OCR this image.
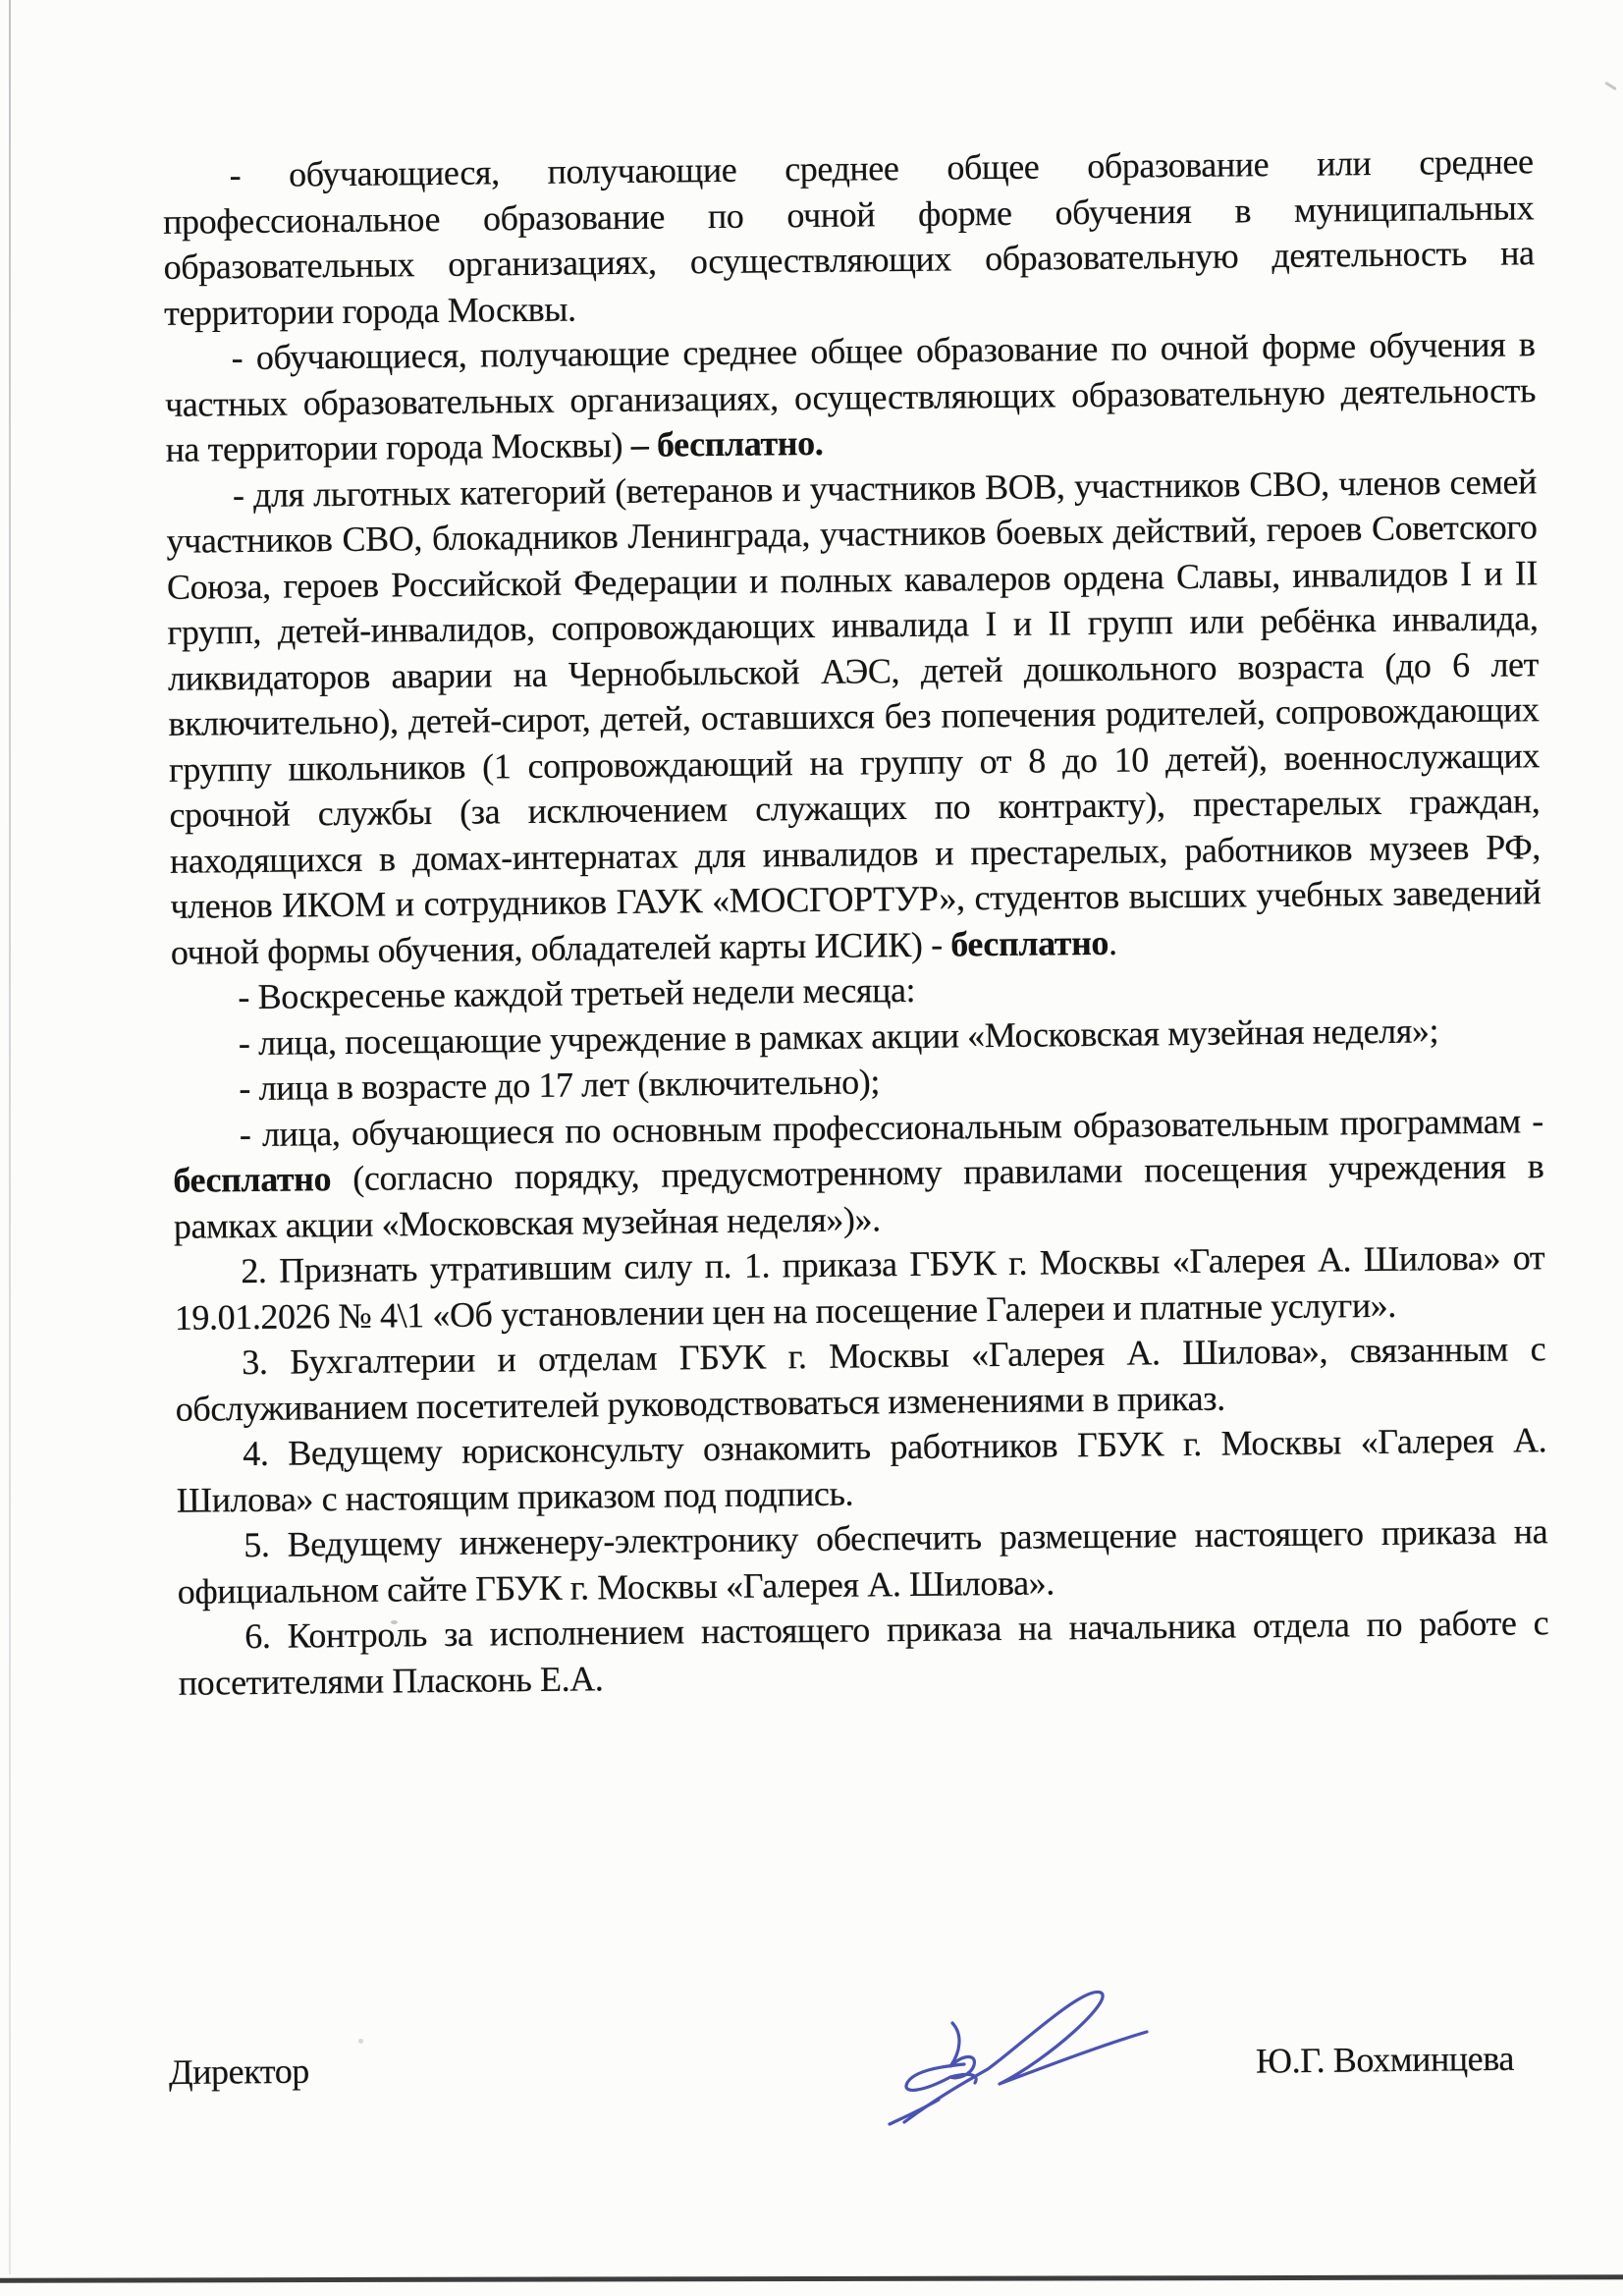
- обучающиеся, получающие среднее общее образование или среднее профессиональное образование по очной форме обучения в муниципальных образовательных организациях, осуществляющих образовательную деятельность на территории города Москвы.

- обучающиеся, получающие среднее общее образование по очной форме обучения в частных образовательных организациях, осуществляющих образовательную деятельность на территории города Москвы) – бесплатно.

- для льготных категорий (ветеранов и участников ВОВ, участников СВО, членов семей участников СВО, блокадников Ленинграда, участников боевых действий, героев Советского Союза, героев Российской Федерации и полных кавалеров ордена Славы, инвалидов I и II групп, детей-инвалидов, сопровождающих инвалида I и II групп или ребёнка инвалида, ликвидаторов аварии на Чернобыльской АЭС, детей дошкольного возраста (до 6 лет включительно), детей-сирот, детей, оставшихся без попечения родителей, сопровождающих группу школьников (1 сопровождающий на группу от 8 до 10 детей), военнослужащих срочной службы (за исключением служащих по контракту), престарелых граждан, находящихся в домах-интернатах для инвалидов и престарелых, работников музеев РФ, членов ИКОМ и сотрудников ГАУК «МОСГОРТУР», студентов высших учебных заведений очной формы обучения, обладателей карты ИСИК) - бесплатно.

- Воскресенье каждой третьей недели месяца:

- лица, посещающие учреждение в рамках акции «Московская музейная неделя»;

- лица в возрасте до 17 лет (включительно);

- лица, обучающиеся по основным профессиональным образовательным программам - бесплатно (согласно порядку, предусмотренному правилами посещения учреждения в рамках акции «Московская музейная неделя»)».

2. Признать утратившим силу п. 1. приказа ГБУК г. Москвы «Галерея А. Шилова» от 19.01.2026 № 4\1 «Об установлении цен на посещение Галереи и платные услуги».

3. Бухгалтерии и отделам ГБУК г. Москвы «Галерея А. Шилова», связанным с обслуживанием посетителей руководствоваться изменениями в приказ.

4. Ведущему юрисконсульту ознакомить работников ГБУК г. Москвы «Галерея А. Шилова» с настоящим приказом под подпись.

5. Ведущему инженеру-электронику обеспечить размещение настоящего приказа на официальном сайте ГБУК г. Москвы «Галерея А. Шилова».

6. Контроль за исполнением настоящего приказа на начальника отдела по работе с посетителями Пласконь Е.А.

Директор	Ю.Г. Вохминцева
